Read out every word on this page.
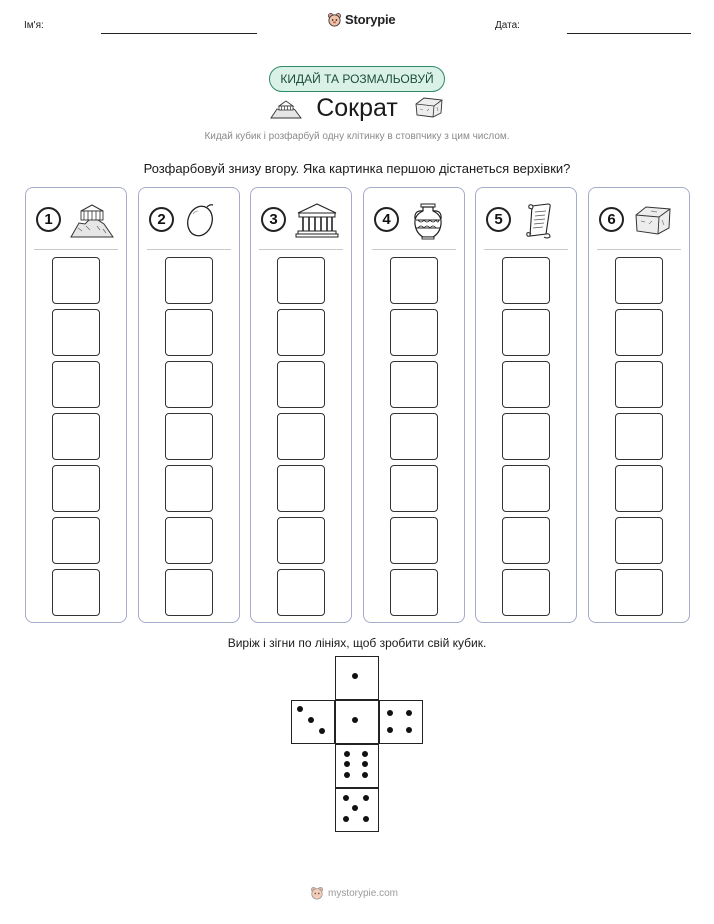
Ім'я:	Storypie	Дата:
КИДАЙ ТА РОЗМАЛЬОВУЙ
Сократ
Кидай кубик і розфарбуй одну клітинку в стовпчику з цим числом.
Розфарбовуй знизу вгору. Яка картинка першою дістанеться верхівки?
1	2	3	4	5	6
Виріж і зігни по лініях, щоб зробити свій кубик.
mystorypie.com
